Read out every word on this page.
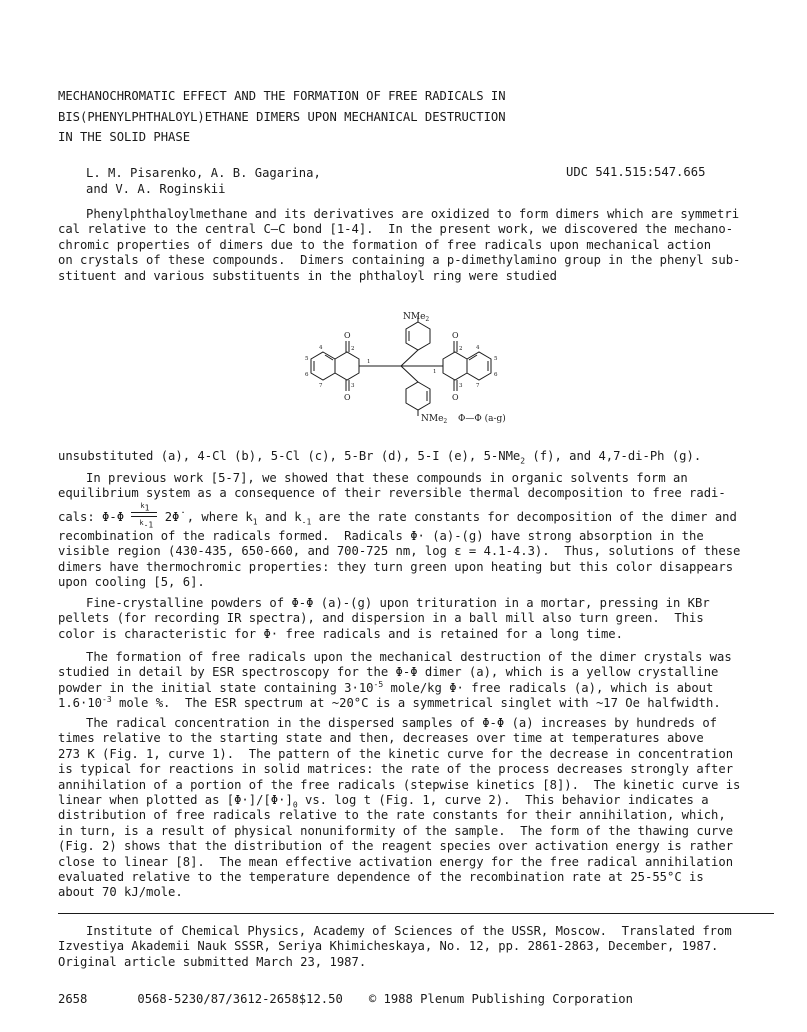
MECHANOCHROMATIC EFFECT AND THE FORMATION OF FREE RADICALS IN
BIS(PHENYLPHTHALOYL)ETHANE DIMERS UPON MECHANICAL DESTRUCTION
IN THE SOLID PHASE
L. M. Pisarenko, A. B. Gagarina,
and V. A. Roginskii
UDC 541.515:547.665
Phenylphthaloylmethane and its derivatives are oxidized to form dimers which are symmetri
cal relative to the central C–C bond [1-4].  In the present work, we discovered the mechano-
chromic properties of dimers due to the formation of free radicals upon mechanical action
on crystals of these compounds.  Dimers containing a p-dimethylamino group in the phenyl sub-
stituent and various substituents in the phthaloyl ring were studied
NMe$_2$
NMe$_2$ Φ—Φ (a-g)
O
O
O
O
2
3
4
5
6
7
1
2
3
4
5
6
7
1
unsubstituted (a), 4-Cl (b), 5-Cl (c), 5-Br (d), 5-I (e), 5-NMe$_2$ (f), and 4,7-di-Ph (g).
In previous work [5-7], we showed that these compounds in organic solvents form an
equilibrium system as a consequence of their reversible thermal decomposition to free radi-
cals: $\Phi-\Phi \frac{k_1}{k_{-1}}$ 2Φ˙, where $k_1$ and $k_{-1}$ are the rate constants for decomposition of the dimer and
recombination of the radicals formed.  Radicals Φ· (a)-(g) have strong absorption in the
visible region (430-435, 650-660, and 700-725 nm, log ε = 4.1-4.3).  Thus, solutions of these
dimers have thermochromic properties: they turn green upon heating but this color disappears
upon cooling [5, 6].
Fine-crystalline powders of Φ-Φ (a)-(g) upon trituration in a mortar, pressing in KBr
pellets (for recording IR spectra), and dispersion in a ball mill also turn green.  This
color is characteristic for Φ· free radicals and is retained for a long time.
The formation of free radicals upon the mechanical destruction of the dimer crystals was
studied in detail by ESR spectroscopy for the Φ-Φ dimer (a), which is a yellow crystalline
powder in the initial state containing $3\cdot 10^{-5}$ mole/kg Φ· free radicals (a), which is about
$1.6\cdot 10^{-3}$ mole %.  The ESR spectrum at ~20°C is a symmetrical singlet with ~17 Oe halfwidth.
The radical concentration in the dispersed samples of Φ-Φ (a) increases by hundreds of
times relative to the starting state and then, decreases over time at temperatures above
273 K (Fig. 1, curve 1).  The pattern of the kinetic curve for the decrease in concentration
is typical for reactions in solid matrices: the rate of the process decreases strongly after
annihilation of a portion of the free radicals (stepwise kinetics [8]).  The kinetic curve is
linear when plotted as $[\Phi\cdot]/[\Phi\cdot]_0$ vs. log t (Fig. 1, curve 2).  This behavior indicates a
distribution of free radicals relative to the rate constants for their annihilation, which,
in turn, is a result of physical nonuniformity of the sample.  The form of the thawing curve
(Fig. 2) shows that the distribution of the reagent species over activation energy is rather
close to linear [8].  The mean effective activation energy for the free radical annihilation
evaluated relative to the temperature dependence of the recombination rate at 25-55°C is
about 70 kJ/mole.
Institute of Chemical Physics, Academy of Sciences of the USSR, Moscow.  Translated from
Izvestiya Akademii Nauk SSSR, Seriya Khimicheskaya, No. 12, pp. 2861-2863, December, 1987.
Original article submitted March 23, 1987.
2658	0568-5230/87/3612-2658$12.50 © 1988 Plenum Publishing Corporation
